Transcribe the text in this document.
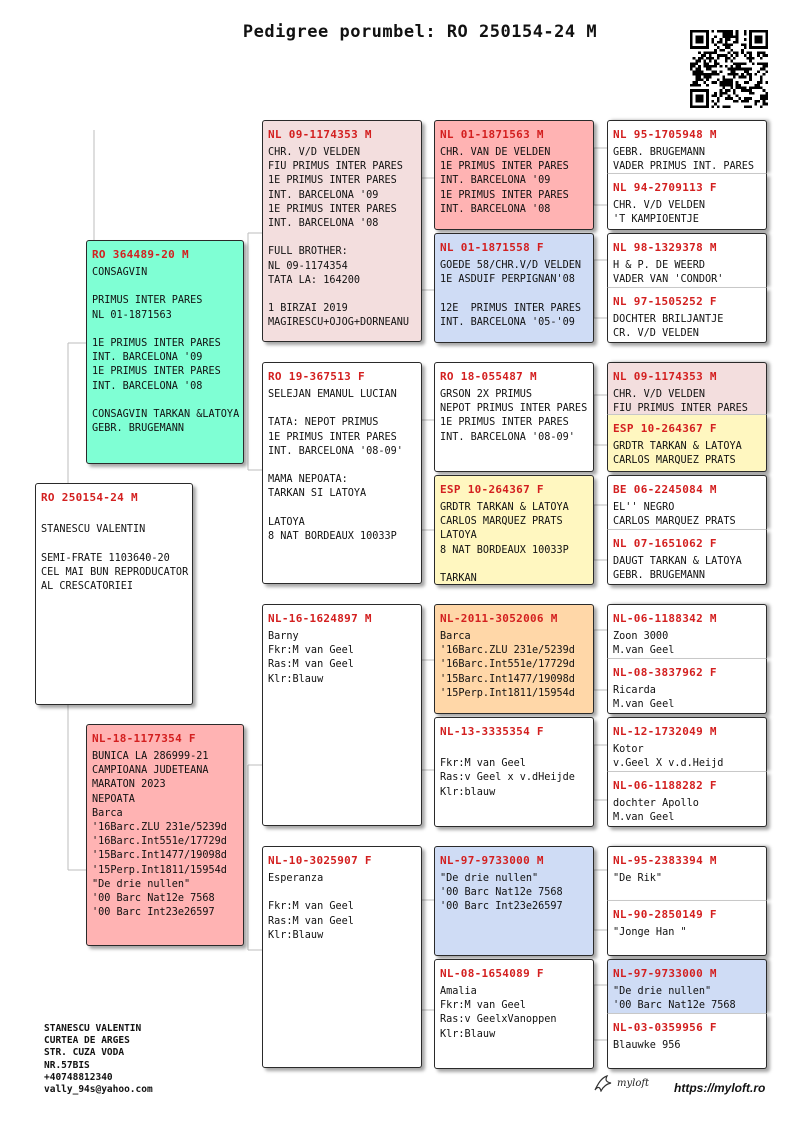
Pedigree porumbel: RO 250154-24 M
RO 250154-24 M

STANESCU VALENTIN

SEMI-FRATE 1103640-20
CEL MAI BUN REPRODUCATOR
AL CRESCATORIEI
RO 364489-20 M
CONSAGVIN

PRIMUS INTER PARES
NL 01-1871563

1E PRIMUS INTER PARES
INT. BARCELONA '09
1E PRIMUS INTER PARES
INT. BARCELONA '08

CONSAGVIN TARKAN &LATOYA
GEBR. BRUGEMANN
NL-18-1177354 F
BUNICA LA 286999-21
CAMPIOANA JUDETEANA
MARATON 2023
NEPOATA
Barca
'16Barc.ZLU 231e/5239d
'16Barc.Int551e/17729d
'15Barc.Int1477/19098d
'15Perp.Int1811/15954d
"De drie nullen"
'00 Barc Nat12e 7568
'00 Barc Int23e26597
NL 09-1174353 M
CHR. V/D VELDEN
FIU PRIMUS INTER PARES
1E PRIMUS INTER PARES
INT. BARCELONA '09
1E PRIMUS INTER PARES
INT. BARCELONA '08

FULL BROTHER:
NL 09-1174354
TATA LA: 164200

1 BIRZAI 2019
MAGIRESCU+OJOG+DORNEANU
RO 19-367513 F
SELEJAN EMANUL LUCIAN

TATA: NEPOT PRIMUS
1E PRIMUS INTER PARES
INT. BARCELONA '08-09'

MAMA NEPOATA:
TARKAN SI LATOYA

LATOYA
8 NAT BORDEAUX 10033P
NL-16-1624897 M
Barny
Fkr:M van Geel
Ras:M van Geel
Klr:Blauw
NL-10-3025907 F
Esperanza

Fkr:M van Geel
Ras:M van Geel
Klr:Blauw
NL 01-1871563 M
CHR. VAN DE VELDEN
1E PRIMUS INTER PARES
INT. BARCELONA '09
1E PRIMUS INTER PARES
INT. BARCELONA '08
NL 01-1871558 F
GOEDE 58/CHR.V/D VELDEN
1E ASDUIF PERPIGNAN'08

12E  PRIMUS INTER PARES
INT. BARCELONA '05-'09
RO 18-055487 M
GRSON 2X PRIMUS
NEPOT PRIMUS INTER PARES
1E PRIMUS INTER PARES
INT. BARCELONA '08-09'
ESP 10-264367 F
GRDTR TARKAN & LATOYA
CARLOS MARQUEZ PRATS
LATOYA
8 NAT BORDEAUX 10033P

TARKAN
NL-2011-3052006 M
Barca
'16Barc.ZLU 231e/5239d
'16Barc.Int551e/17729d
'15Barc.Int1477/19098d
'15Perp.Int1811/15954d
NL-13-3335354 F

Fkr:M van Geel
Ras:v Geel x v.dHeijde
Klr:blauw
NL-97-9733000 M
"De drie nullen"
'00 Barc Nat12e 7568
'00 Barc Int23e26597
NL-08-1654089 F
Amalia
Fkr:M van Geel
Ras:v GeelxVanoppen
Klr:Blauw
NL 95-1705948 M
GEBR. BRUGEMANN
VADER PRIMUS INT. PARES
NL 94-2709113 F
CHR. V/D VELDEN
'T KAMPIOENTJE
NL 98-1329378 M
H & P. DE WEERD
VADER VAN 'CONDOR'
NL 97-1505252 F
DOCHTER BRILJANTJE
CR. V/D VELDEN
NL 09-1174353 M
CHR. V/D VELDEN
FIU PRIMUS INTER PARES
ESP 10-264367 F
GRDTR TARKAN & LATOYA
CARLOS MARQUEZ PRATS
BE 06-2245084 M
EL'' NEGRO
CARLOS MARQUEZ PRATS
NL 07-1651062 F
DAUGT TARKAN & LATOYA
GEBR. BRUGEMANN
NL-06-1188342 M
Zoon 3000
M.van Geel
NL-08-3837962 F
Ricarda
M.van Geel
NL-12-1732049 M
Kotor
v.Geel X v.d.Heijd
NL-06-1188282 F
dochter Apollo
M.van Geel
NL-95-2383394 M
"De Rik"
NL-90-2850149 F
"Jonge Han "
NL-97-9733000 M
"De drie nullen"
'00 Barc Nat12e 7568
NL-03-0359956 F
Blauwke 956
STANESCU VALENTIN
CURTEA DE ARGES
STR. CUZA VODA
NR.57BIS
+40748812340
vally_94s@yahoo.com
myloft https://myloft.ro
